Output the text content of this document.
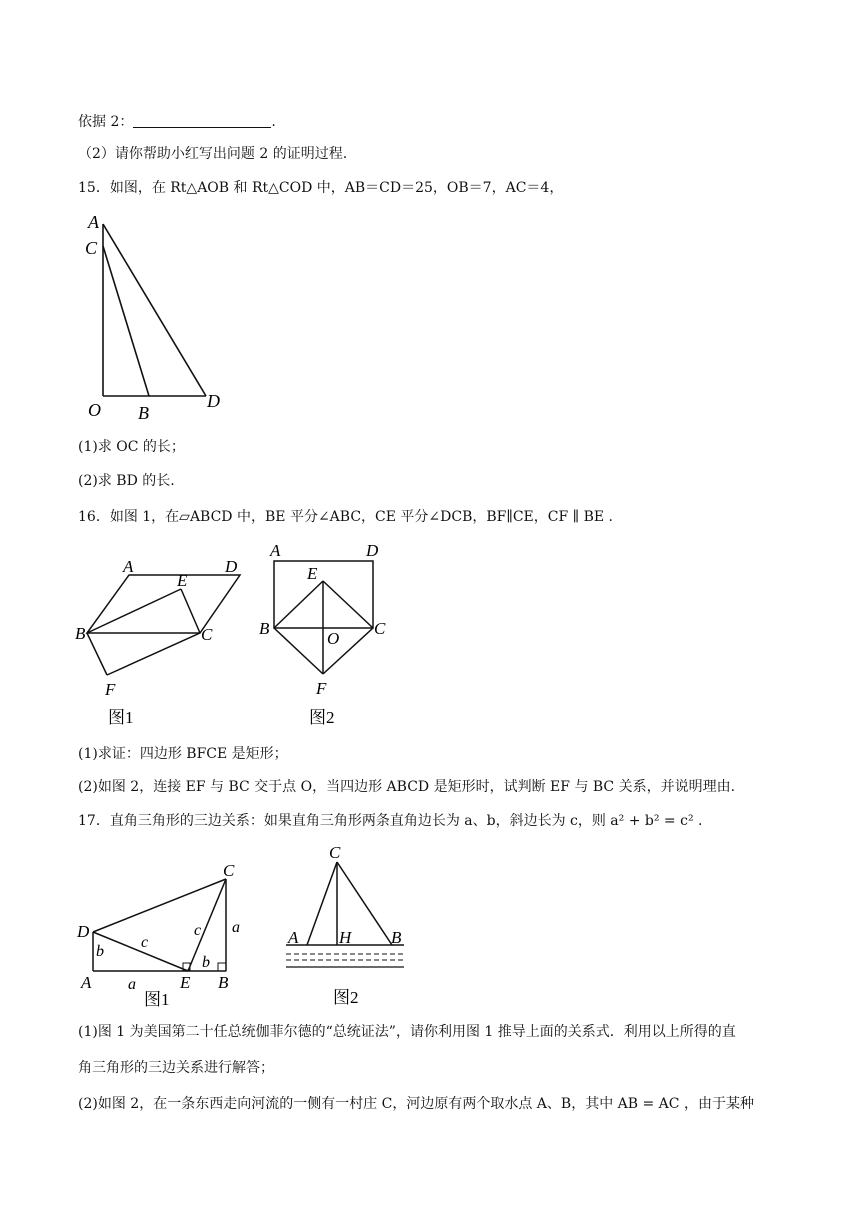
依据 2：	.
（2）请你帮助小红写出问题 2 的证明过程.
15．如图，在 Rt△AOB 和 Rt△COD 中，AB＝CD＝25，OB＝7，AC＝4，
A
C
O B
D
(1)求 OC 的长；
(2)求 BD 的长.
16．如图 1，在▱ABCD 中，BE 平分∠ABC，CE 平分∠DCB，BF∥CE，CF ∥ BE .
A	D
E
B	C
F
图1
A	D
E
B
O
C
F
图2
(1)求证：四边形 BFCE 是矩形；
(2)如图 2，连接 EF 与 BC 交于点 O，当四边形 ABCD 是矩形时，试判断 EF 与 BC 关系，并说明理由.
17．直角三角形的三边关系：如果直角三角形两条直角边长为 a、b，斜边长为 c，则 a² + b² = c² .
C
D
A	E B
b
c
c a
b
a
图1
C
A H B
图2
(1)图 1 为美国第二十任总统伽菲尔德的“总统证法”，请你利用图 1 推导上面的关系式．利用以上所得的直
角三角形的三边关系进行解答；
(2)如图 2，在一条东西走向河流的一侧有一村庄 C，河边原有两个取水点 A、B，其中 AB = AC ，由于某种
